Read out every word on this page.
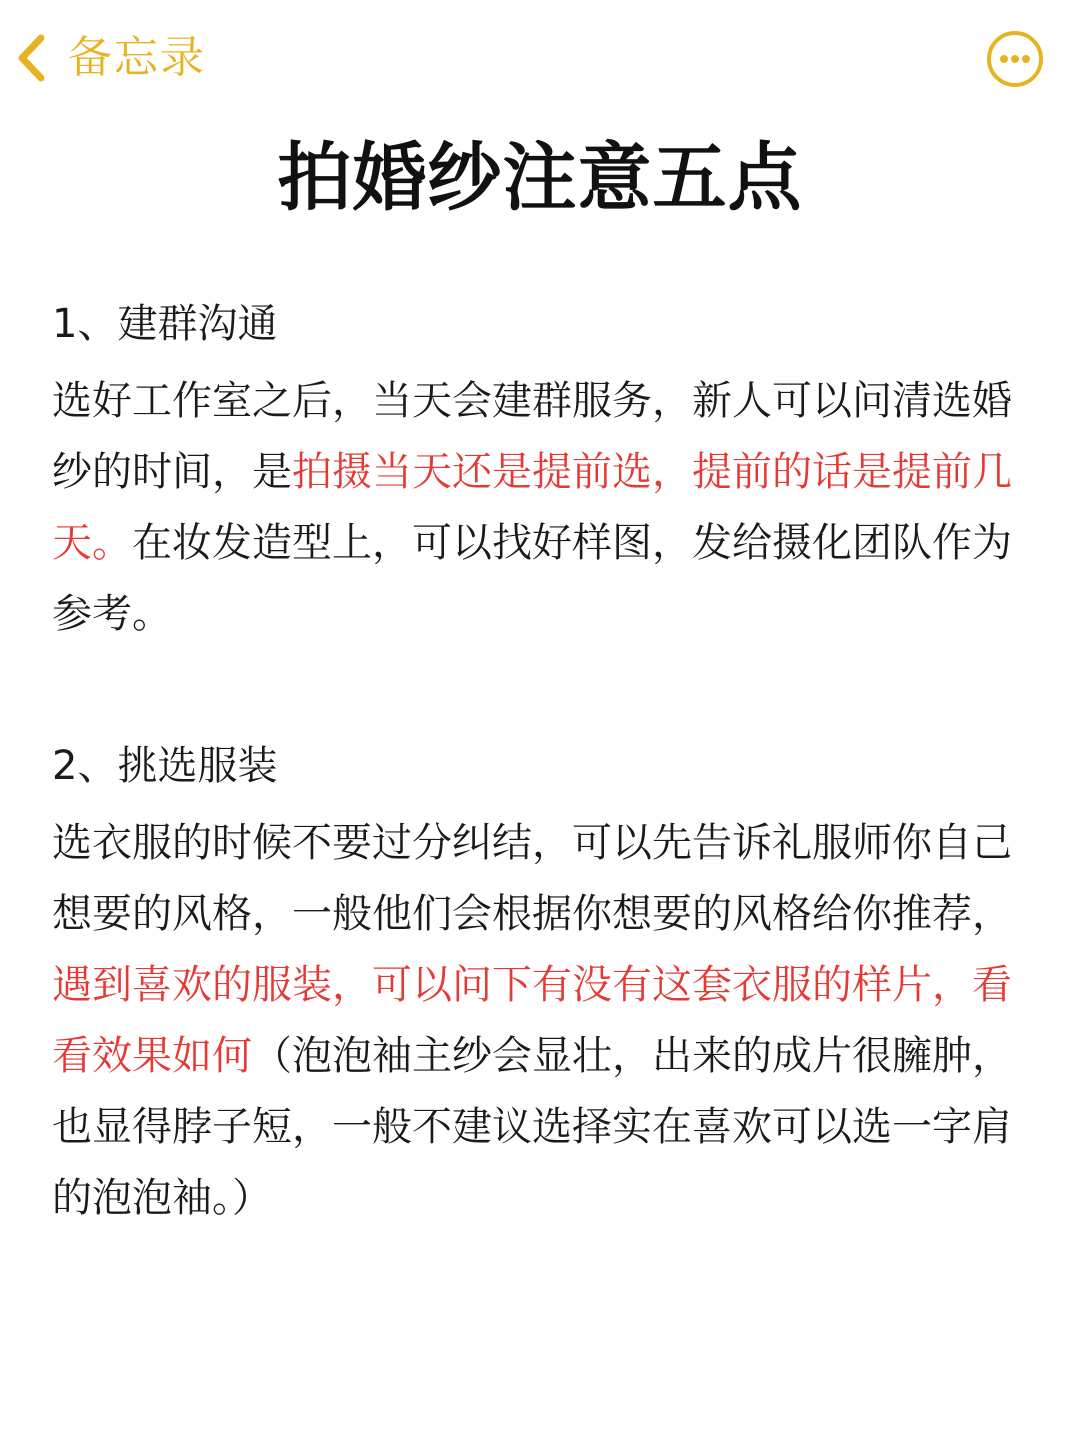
备忘录
拍婚纱注意五点

1、建群沟通

选好工作室之后，当天会建群服务，新人可以问清选婚纱的时间，是拍摄当天还是提前选，提前的话是提前几天。在妆发造型上，可以找好样图，发给摄化团队作为参考。

2、挑选服装

选衣服的时候不要过分纠结，可以先告诉礼服师你自己想要的风格，一般他们会根据你想要的风格给你推荐，遇到喜欢的服装，可以问下有没有这套衣服的样片，看看效果如何（泡泡袖主纱会显壮，出来的成片很臃肿，也显得脖子短，一般不建议选择实在喜欢可以选一字肩的泡泡袖。）
